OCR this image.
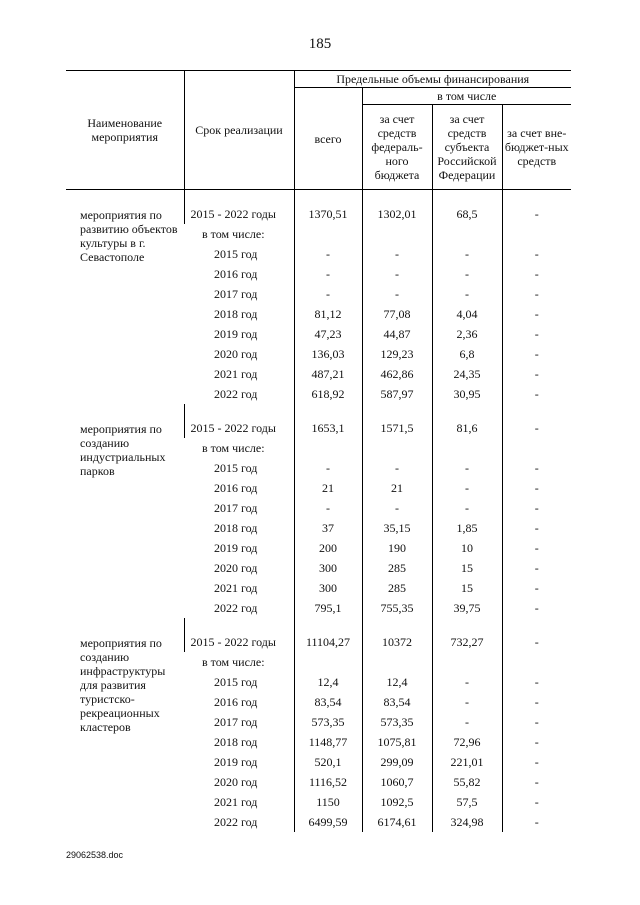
185
Наименование мероприятия	Срок реализации	Предельные объемы финансирования			
		всего	в том числе		
			за счет средств федераль-ного бюджета	за счет средств субъекта Российской Федерации	за счет вне-бюджет-ных средств

мероприятия по развитию объектов культуры в г. Севастополе	2015 - 2022 годы	1370,51	1302,01	68,5	-
	в том числе:				
	2015 год	-	-	-	-
	2016 год	-	-	-	-
	2017 год	-	-	-	-
	2018 год	81,12	77,08	4,04	-
	2019 год	47,23	44,87	2,36	-
	2020 год	136,03	129,23	6,8	-
	2021 год	487,21	462,86	24,35	-
	2022 год	618,92	587,97	30,95	-

мероприятия по созданию индустриальных парков	2015 - 2022 годы	1653,1	1571,5	81,6	-
	в том числе:				
	2015 год	-	-	-	-
	2016 год	21	21	-	-
	2017 год	-	-	-	-
	2018 год	37	35,15	1,85	-
	2019 год	200	190	10	-
	2020 год	300	285	15	-
	2021 год	300	285	15	-
	2022 год	795,1	755,35	39,75	-

мероприятия по созданию инфраструктуры для развития туристско-рекреационных кластеров	2015 - 2022 годы	11104,27	10372	732,27	-
	в том числе:				
	2015 год	12,4	12,4	-	-
	2016 год	83,54	83,54	-	-
	2017 год	573,35	573,35	-	-
	2018 год	1148,77	1075,81	72,96	-
	2019 год	520,1	299,09	221,01	-
	2020 год	1116,52	1060,7	55,82	-
	2021 год	1150	1092,5	57,5	-
	2022 год	6499,59	6174,61	324,98	-
29062538.doc
